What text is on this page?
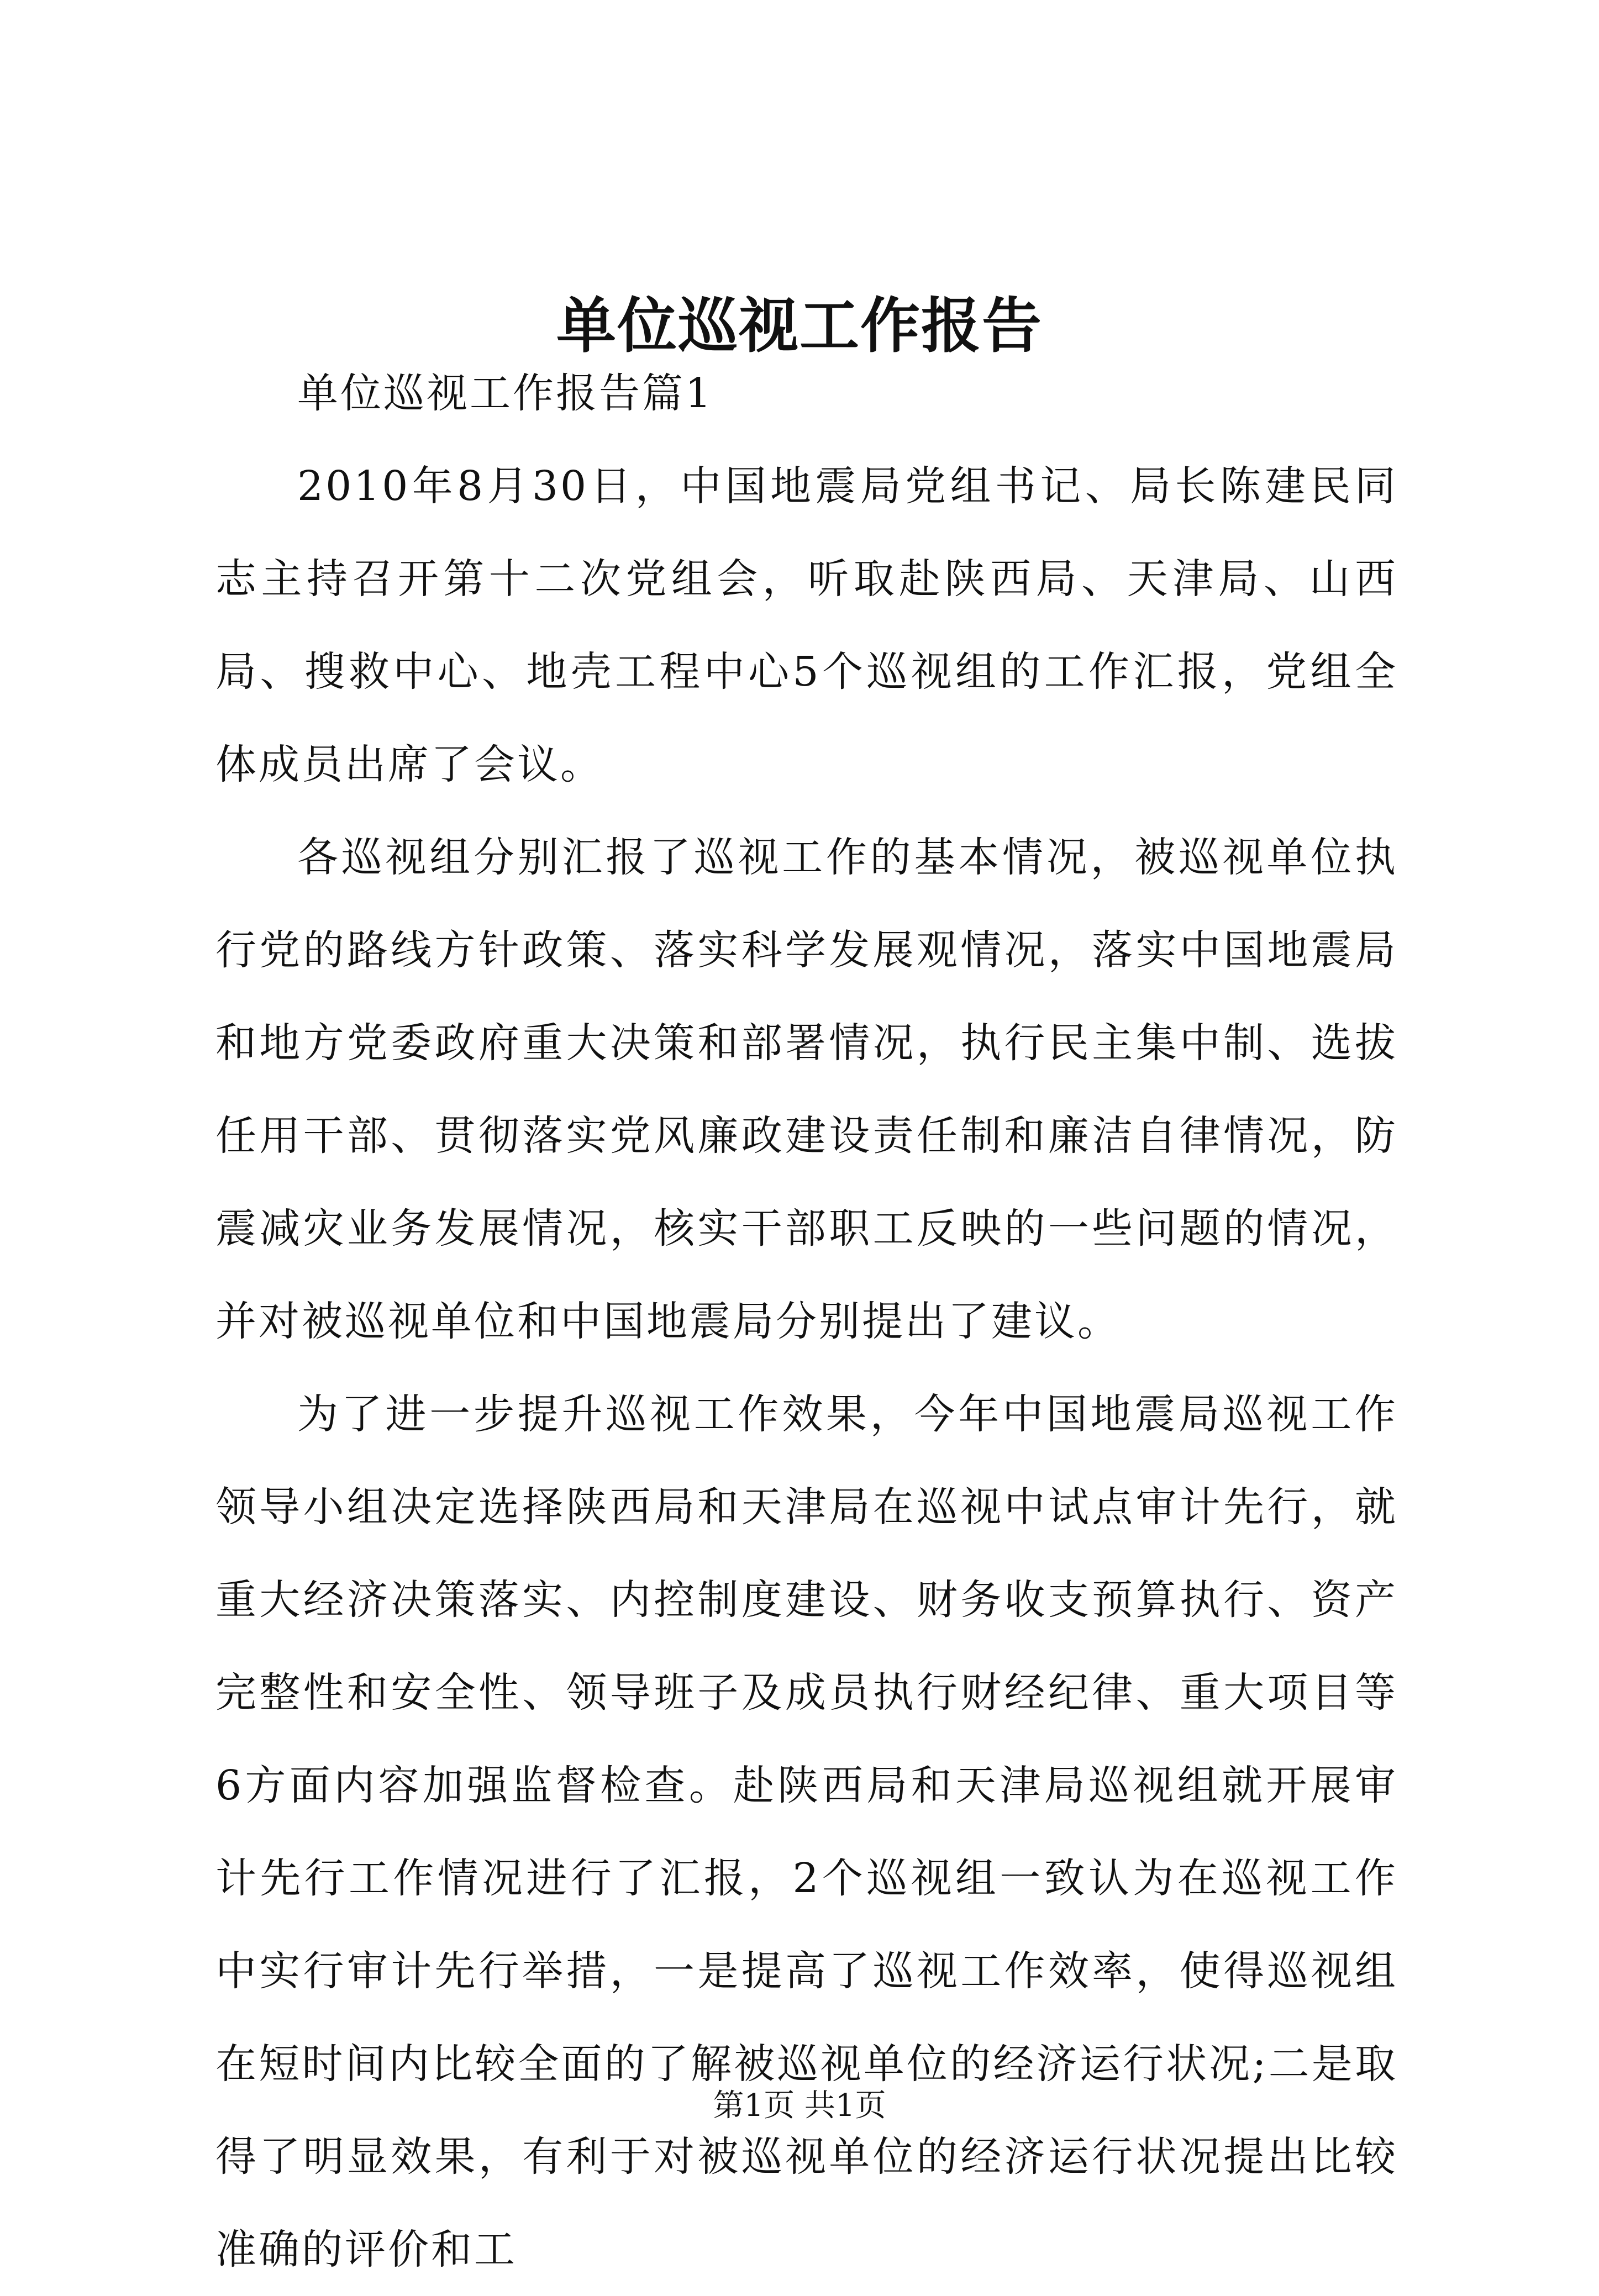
单位巡视工作报告

单位巡视工作报告篇1

2010年8月30日，中国地震局党组书记、局长陈建民同志主持召开第十二次党组会，听取赴陕西局、天津局、山西局、搜救中心、地壳工程中心5个巡视组的工作汇报，党组全体成员出席了会议。

各巡视组分别汇报了巡视工作的基本情况，被巡视单位执行党的路线方针政策、落实科学发展观情况，落实中国地震局和地方党委政府重大决策和部署情况，执行民主集中制、选拔任用干部、贯彻落实党风廉政建设责任制和廉洁自律情况，防震减灾业务发展情况，核实干部职工反映的一些问题的情况，并对被巡视单位和中国地震局分别提出了建议。

为了进一步提升巡视工作效果，今年中国地震局巡视工作领导小组决定选择陕西局和天津局在巡视中试点审计先行，就重大经济决策落实、内控制度建设、财务收支预算执行、资产完整性和安全性、领导班子及成员执行财经纪律、重大项目等6方面内容加强监督检查。赴陕西局和天津局巡视组就开展审计先行工作情况进行了汇报，2个巡视组一致认为在巡视工作中实行审计先行举措，一是提高了巡视工作效率，使得巡视组在短时间内比较全面的了解被巡视单位的经济运行状况;二是取得了明显效果，有利于对被巡视单位的经济运行状况提出比较准确的评价和工

第1页 共1页
